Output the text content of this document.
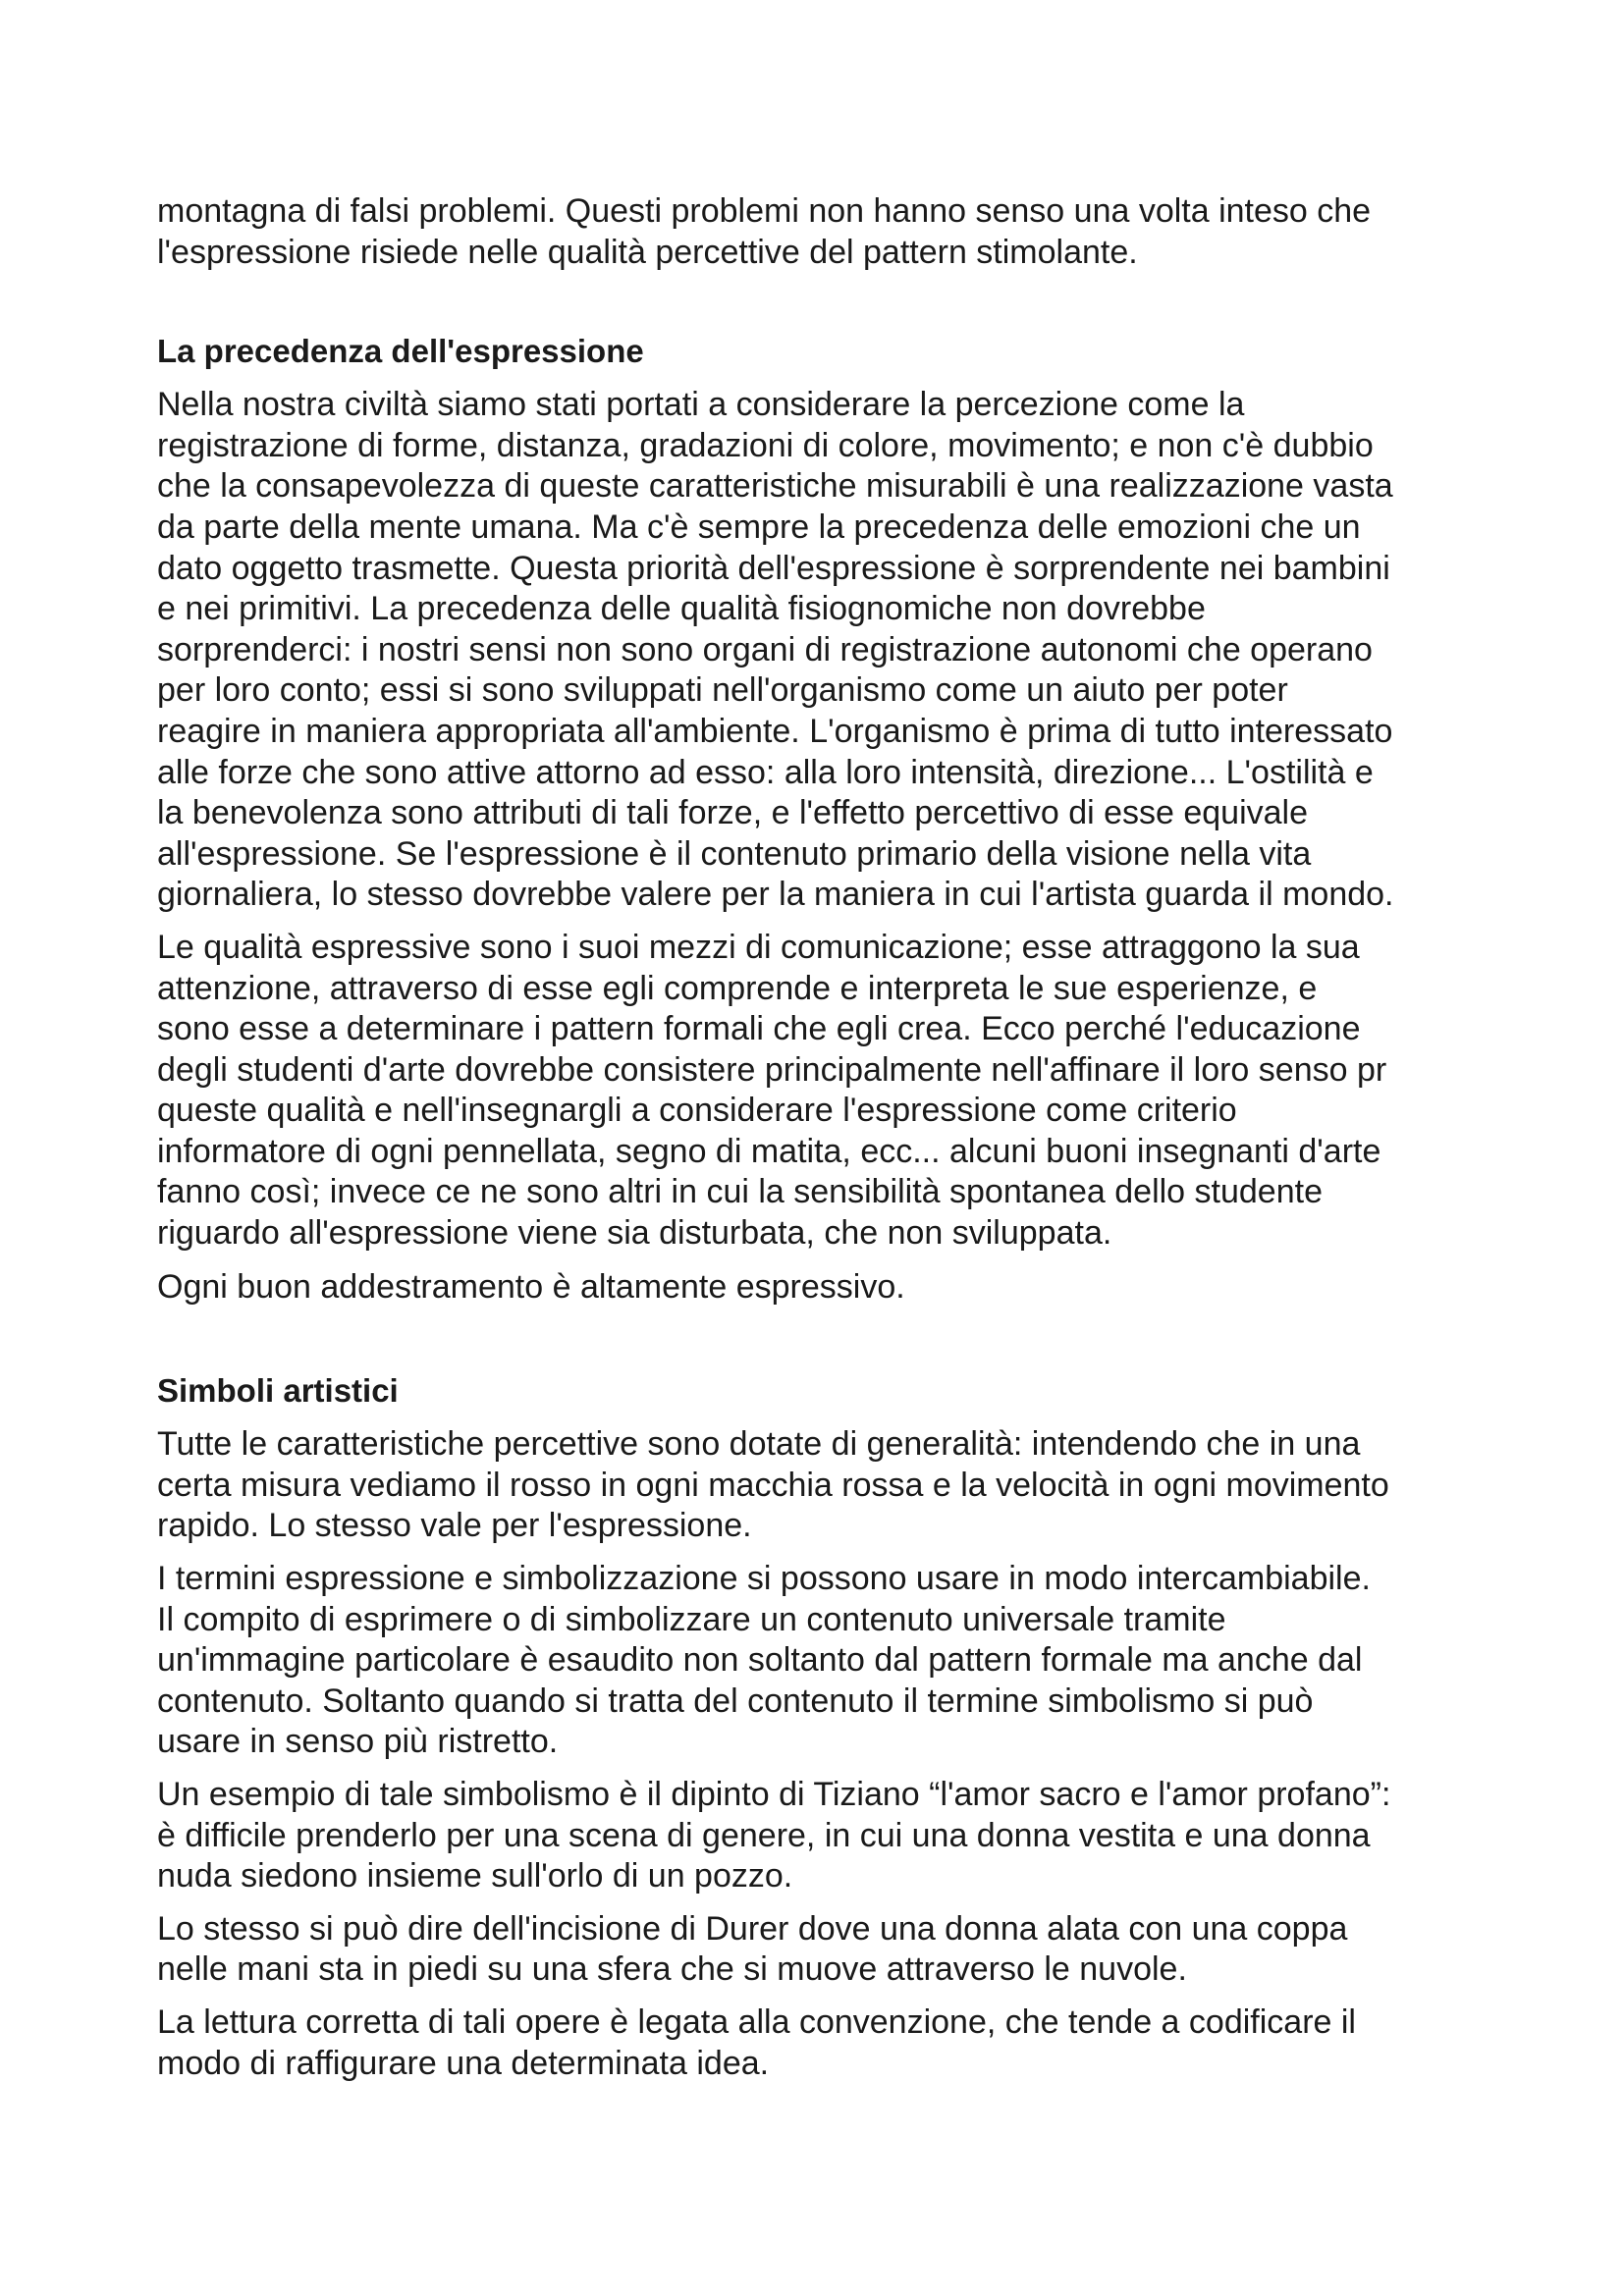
montagna di falsi problemi. Questi problemi non hanno senso una volta inteso che
l'espressione risiede nelle qualità percettive del pattern stimolante.

La precedenza dell'espressione

Nella nostra civiltà siamo stati portati a considerare la percezione come la
registrazione di forme, distanza, gradazioni di colore, movimento; e non c'è dubbio
che la consapevolezza di queste caratteristiche misurabili è una realizzazione vasta
da parte della mente umana. Ma c'è sempre la precedenza delle emozioni che un
dato oggetto trasmette. Questa priorità dell'espressione è sorprendente nei bambini
e nei primitivi. La precedenza delle qualità fisiognomiche non dovrebbe
sorprenderci: i nostri sensi non sono organi di registrazione autonomi che operano
per loro conto; essi si sono sviluppati nell'organismo come un aiuto per poter
reagire in maniera appropriata all'ambiente. L'organismo è prima di tutto interessato
alle forze che sono attive attorno ad esso: alla loro intensità, direzione... L'ostilità e
la benevolenza sono attributi di tali forze, e l'effetto percettivo di esse equivale
all'espressione. Se l'espressione è il contenuto primario della visione nella vita
giornaliera, lo stesso dovrebbe valere per la maniera in cui l'artista guarda il mondo.

Le qualità espressive sono i suoi mezzi di comunicazione; esse attraggono la sua
attenzione, attraverso di esse egli comprende e interpreta le sue esperienze, e
sono esse a determinare i pattern formali che egli crea. Ecco perché l'educazione
degli studenti d'arte dovrebbe consistere principalmente nell'affinare il loro senso pr
queste qualità e nell'insegnargli a considerare l'espressione come criterio
informatore di ogni pennellata, segno di matita, ecc... alcuni buoni insegnanti d'arte
fanno così; invece ce ne sono altri in cui la sensibilità spontanea dello studente
riguardo all'espressione viene sia disturbata, che non sviluppata.

Ogni buon addestramento è altamente espressivo.

Simboli artistici

Tutte le caratteristiche percettive sono dotate di generalità: intendendo che in una
certa misura vediamo il rosso in ogni macchia rossa e la velocità in ogni movimento
rapido. Lo stesso vale per l'espressione.

I termini espressione e simbolizzazione si possono usare in modo intercambiabile.
Il compito di esprimere o di simbolizzare un contenuto universale tramite
un'immagine particolare è esaudito non soltanto dal pattern formale ma anche dal
contenuto. Soltanto quando si tratta del contenuto il termine simbolismo si può
usare in senso più ristretto.

Un esempio di tale simbolismo è il dipinto di Tiziano “l'amor sacro e l'amor profano”:
è difficile prenderlo per una scena di genere, in cui una donna vestita e una donna
nuda siedono insieme sull'orlo di un pozzo.

Lo stesso si può dire dell'incisione di Durer dove una donna alata con una coppa
nelle mani sta in piedi su una sfera che si muove attraverso le nuvole.

La lettura corretta di tali opere è legata alla convenzione, che tende a codificare il
modo di raffigurare una determinata idea.
